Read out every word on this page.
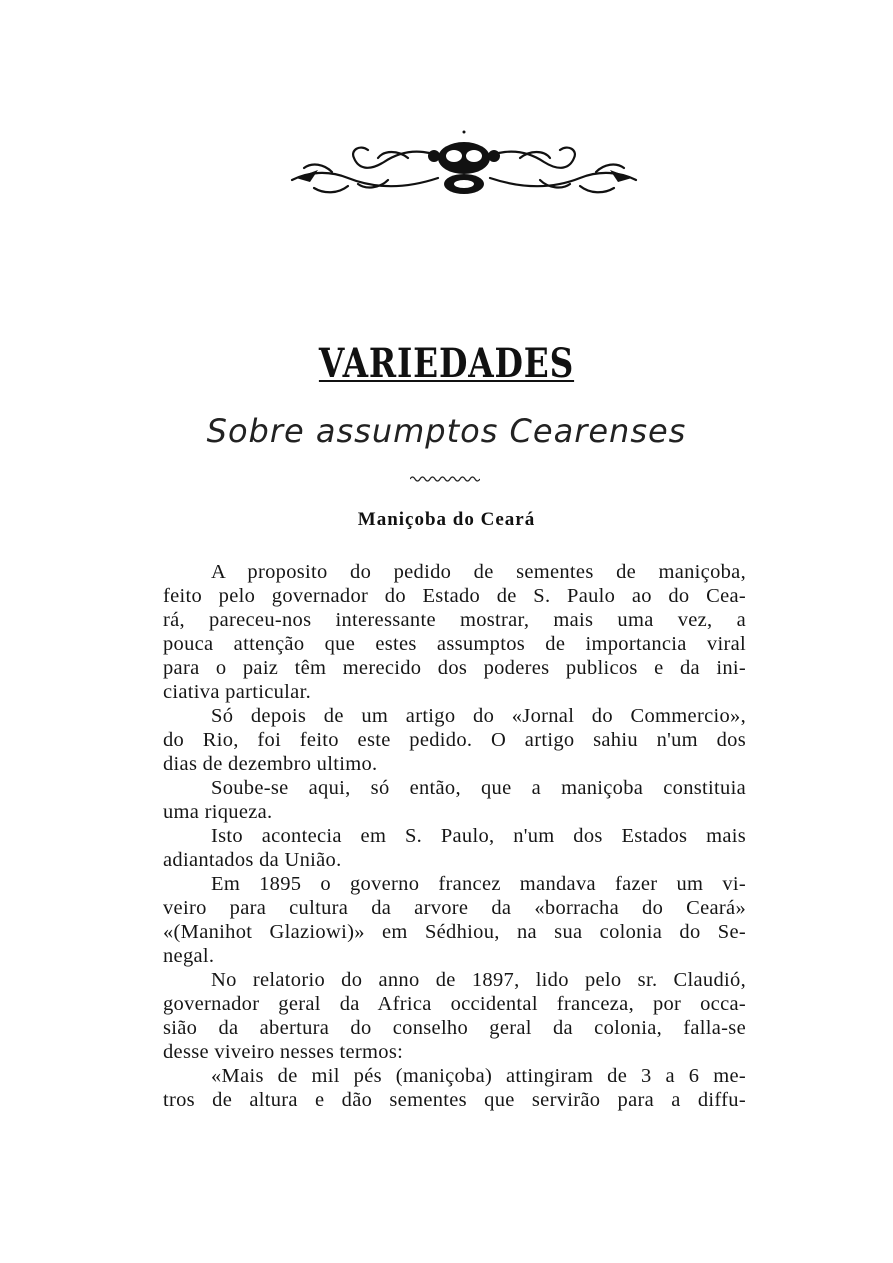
VARIEDADES
Sobre assumptos Cearenses
Maniçoba do Ceará
A proposito do pedido de sementes de maniçoba,
feito pelo governador do Estado de S. Paulo ao do Cea-
rá, pareceu-nos interessante mostrar, mais uma vez, a
pouca attenção que estes assumptos de importancia viral
para o paiz têm merecido dos poderes publicos e da ini-
ciativa particular.
Só depois de um artigo do «Jornal do Commercio»,
do Rio, foi feito este pedido. O artigo sahiu n'um dos
dias de dezembro ultimo.
Soube-se aqui, só então, que a maniçoba constituia
uma riqueza.
Isto acontecia em S. Paulo, n'um dos Estados mais
adiantados da União.
Em 1895 o governo francez mandava fazer um vi-
veiro para cultura da arvore da «borracha do Ceará»
«(Manihot Glaziowi)» em Sédhiou, na sua colonia do Se-
negal.
No relatorio do anno de 1897, lido pelo sr. Claudió,
governador geral da Africa occidental franceza, por occa-
sião da abertura do conselho geral da colonia, falla-se
desse viveiro nesses termos:
«Mais de mil pés (maniçoba) attingiram de 3 a 6 me-
tros de altura e dão sementes que servirão para a diffu-
